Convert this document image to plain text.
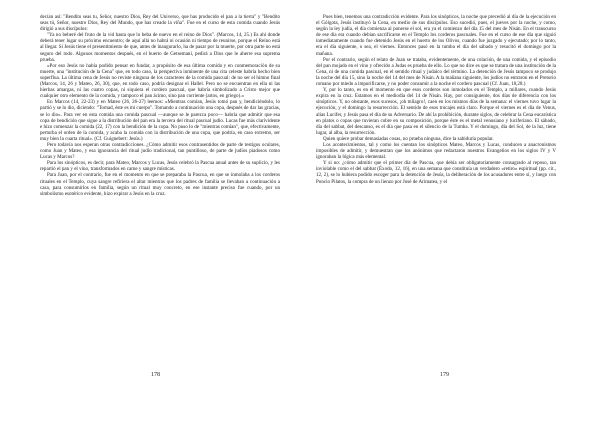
decían así: "Bendito seas tu, Señor, nuestro Dios, Rey del Universo, que has producido el pan a la tierra" y "Bendito seas tú, Señor, nuestro Dios, Rey del Mundo, que has creado la viña". Fue en el curso de esta comida cuando Jesús dirigió a sus discípulos:

"Ya no beberé del fruto de la vid hasta que lo beba de nuevo en el reino de Dios". (Marcos, 14, 25.) Es ahí donde deberá tener lugar su próximo encuentro; de aquí allá no habrá ni ocasión ni tiempo de reunirse, porque el Reino está al llegar. Si Jesús tiene el presentimiento de que, antes de inaugurarlo, ha de pasar por la muerte, por otra parte no está seguro del todo. Algunos momentos después, en el huerto de Getsemaní, pedirá a Dios que le aherre esa suprema prueba.

«Por eso Jesús no había podido pensar en fundar, a propósito de esa última comida y en conmemoración de su muerte, una "institución de la Cena" que, en todo caso, la perspectiva inminente de una cita celeste habría hecho bien superflua. La última cena de Jesús no reviste ninguna de los caracteres de la comida pascual: de no ser el himno final (Marcos, 14, 26 y Mateo, 26, 30), que, en todo caso, podría designar el Hallel. Pero no se encuentran en ella ni las hierbas amargas, ni las cuatro copas, ni siquiera el cordero pascual, que habría simbolizado a Cristo mejor que cualquier otro elemento de la comida, y tampoco el pan ácimo, sino pan corriente (artos, en griego).»

En Marcos (14, 22-23) y en Mateo (26, 26-27) leemos: «Mientras comían, Jesús tomó pan y, bendiciéndolo, lo partió y se lo dio, diciendo: "Tomad, éste es mi cuerpo". Tomando a continuación una copa, después de dar las gracias, se lo dio». Para ver en esta comida una comida pascual —aunque se le parezca poco— habría que admitir que esa copa de bendición que sigue a la distribución del pan era la tercera del ritual pascual judío. Lucas fue más clarividente e hizo comenzar la comida (22, 17) con la bendición de la copa. No puso lo de "mientras comían", que, efectivamente, perturba el orden de la comida, y acaba la comida con la distribución de una copa, que podría, en caso extremo, ser muy bien la cuarta ritual». (Cf. Guignebert: Jesús.)

Pero todavía nos esperan otras contradicciones. ¿Cómo admitir esos contrasentidos de parte de testigos oculares, como Juan y Mateo, y esa ignorancia del ritual judío tradicional, tan puntilloso, de parte de judíos piadosos como Lucas y Marcos?

Para los sinópticos, es decir, para Mateo, Marcos y Lucas, Jesús celebró la Pascua anual antes de su suplicio, y les repartió el pan y el vino, transformados en carne y sangre místicas.

Para Juan, por el contrario, fue en el momento en que se preparaba la Pascua, en que se inmolaba a los corderos rituales en el Templo, cuya sangre refiriera el altar mientras que los padres de familia se llevaban a continuación a casa, para consumirlos en familia, según un ritual muy concreto, en ese instante preciso fue cuando, por un simbolismo esotérico evidente, hizo expirar a Jesús en la cruz.

178

Pues bien, tenemos una contradicción evidente. Para los sinópticos, la noche que precedió al día de la ejecución en el Gólgota, Jesús instituyó la Cena, en medio de sus discípulos. Eso sucedió, pues, el jueves por la noche, y como, según la ley judía, el día comienza al ponerse el sol, era ya el comienzo del día 15 del mes de Nisán. En el transcurso de ese día era cuando debían sacrificarse en el Templo los corderos pascuales. Fue en el curso de ese día que siguió inmediatamente cuando fue detenido Jesús en el huerto de los Olivos, cuando fue juzgado y ejecutado; por lo tanto, era el día siguiente, o sea, el viernes. Entonces pasó en la tumba el día del sábado y resucitó el domingo por la mañana.

Por el contrario, según el relato de Juan se trataba, evidentemente, de una colación, de una comida, y el episodio del pan mojado en el vino y ofrecido a Judas es prueba de ello. Lo que no dice es que se tratara de una institución de la Cena, ni de una comida pascual, en el sentido ritual y judaico del término. La detención de Jesús tampoco se produjo la noche del día 15, sino la noche del 14 del mes de Nisán. A la mañana siguiente, los judíos no entraron en el Pretorio romano por miedo a impurificarse, y no poder consumir a la noche el cordero pascual (Cf. Juan, 18,28.)

Y, por lo tanto, es en el momento en que esos corderos son inmolados en el Templo, a millares, cuando Jesús expira en la cruz. Estamos en el mediodía del 14 de Nisán. Hay, por consiguiente, dos días de diferencia con los sinópticos. Y, no obstante, esos sucesos, ¡oh milagro!, caen en los mismos días de la semana: el viernes tuvo lugar la ejecución, y el domingo la resurrección. El sentido de esos trucajes está claro. Porque el viernes es el día de Venus, alias Lucifer, y Jesús pasa el día de su Adversario. De ahí la prohibición, durante siglos, de celebrar la Cena eucarística en platos o copas que tuvieran cobre en su composición, porque éste es el metal venusiano y luciferiano. El sábado, día del sabbat, del descanso, es el día que pasa en el silencio de la Tumba. Y el domingo, día del Sol, de la luz, tiene lugar, al alba, la resurrección.

Quien quiere probar demasiadas cosas, no prueba ninguna, dice la sabiduría popular.

Los acontecimientos, tal y como los cuentan los sinópticos Mateo, Marcos y Lucas, conducen a anacronismos imposibles de admitir, y demuestran que los anónimos que redactaron nuestros Evangelios en los siglos IV y V ignoraban la lógica más elemental.

Y si no: ¿cómo admitir que el primer día de Pascua, que debía ser obligatoriamente consagrado al reposo, tan inviolable como el del sabbat (Éxodo, 12, 16), en una semana que constituía un verdadero «retiro» espiritual (pp. cit., 12, 2), se lo hubiera podido escoger para la detención de Jesús, la deliberación de los acusadores entre sí, y luego con Poncio Pilatos, la compra de un lienzo por José de Arimatea, y el

179
